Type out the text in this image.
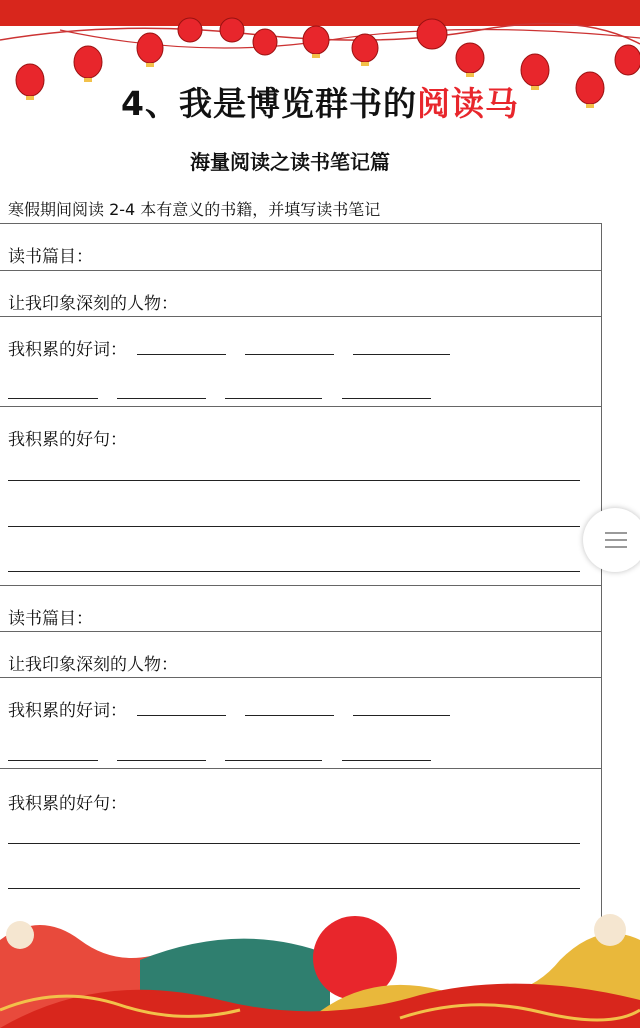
4、我是博览群书的阅读马
海量阅读之读书笔记篇
寒假期间阅读 2-4 本有意义的书籍，并填写读书笔记
读书篇目：
让我印象深刻的人物：
我积累的好词：
我积累的好句：
读书篇目：
让我印象深刻的人物：
我积累的好词：
我积累的好句：
